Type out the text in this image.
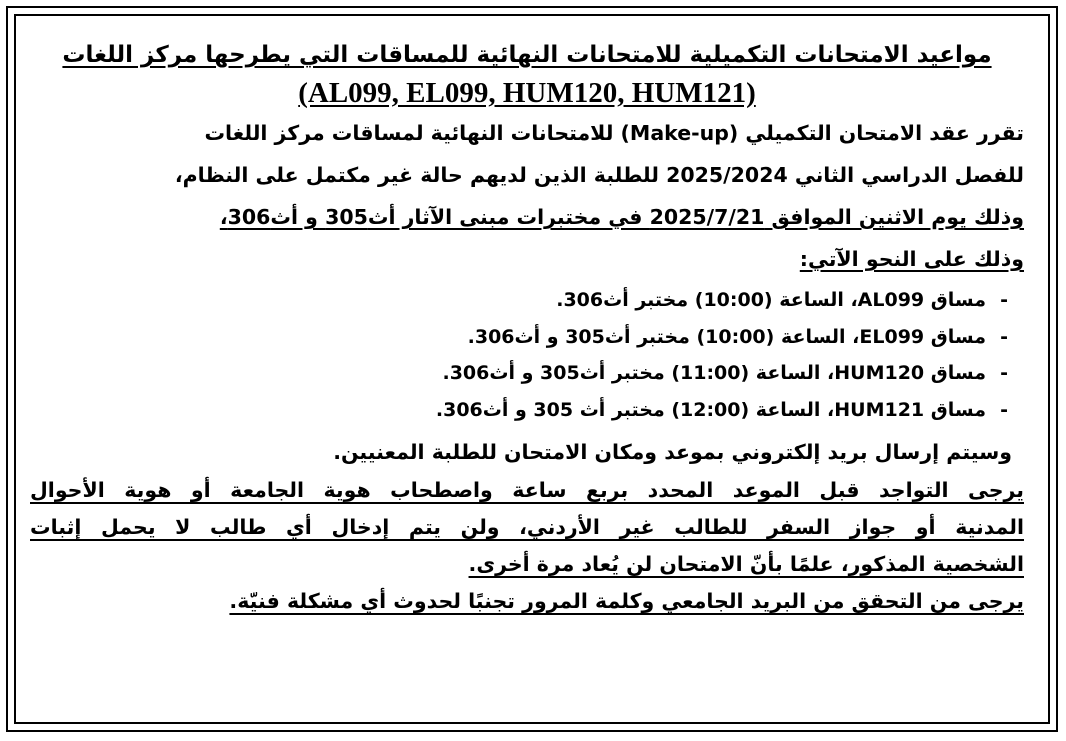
مواعيد الامتحانات التكميلية للامتحانات النهائية للمساقات التي يطرحها مركز اللغات
(AL099, EL099, HUM120, HUM121)
تقرر عقد الامتحان التكميلي (Make-up) للامتحانات النهائية لمساقات مركز اللغات
للفصل الدراسي الثاني 2025/2024 للطلبة الذين لديهم حالة غير مكتمل على النظام،
وذلك يوم الاثنين الموافق 2025/7/21 في مختبرات مبنى الآثار أث305 و أث306،
وذلك على النحو الآتي:
-
مساق AL099، الساعة (10:00) مختبر أث306.
-
مساق EL099، الساعة (10:00) مختبر أث305 و أث306.
-
مساق HUM120، الساعة (11:00) مختبر أث305 و أث306.
-
مساق HUM121، الساعة (12:00) مختبر أث 305 و أث306.
وسيتم إرسال بريد إلكتروني بموعد ومكان الامتحان للطلبة المعنيين.
يرجى التواجد قبل الموعد المحدد بربع ساعة واصطحاب هوية الجامعة أو هوية الأحوال
المدنية أو جواز السفر للطالب غير الأردني، ولن يتم إدخال أي طالب لا يحمل إثبات
الشخصية المذكور، علمًا بأنّ الامتحان لن يُعاد مرة أخرى.
يرجى من التحقق من البريد الجامعي وكلمة المرور تجنبًا لحدوث أي مشكلة فنيّة.
